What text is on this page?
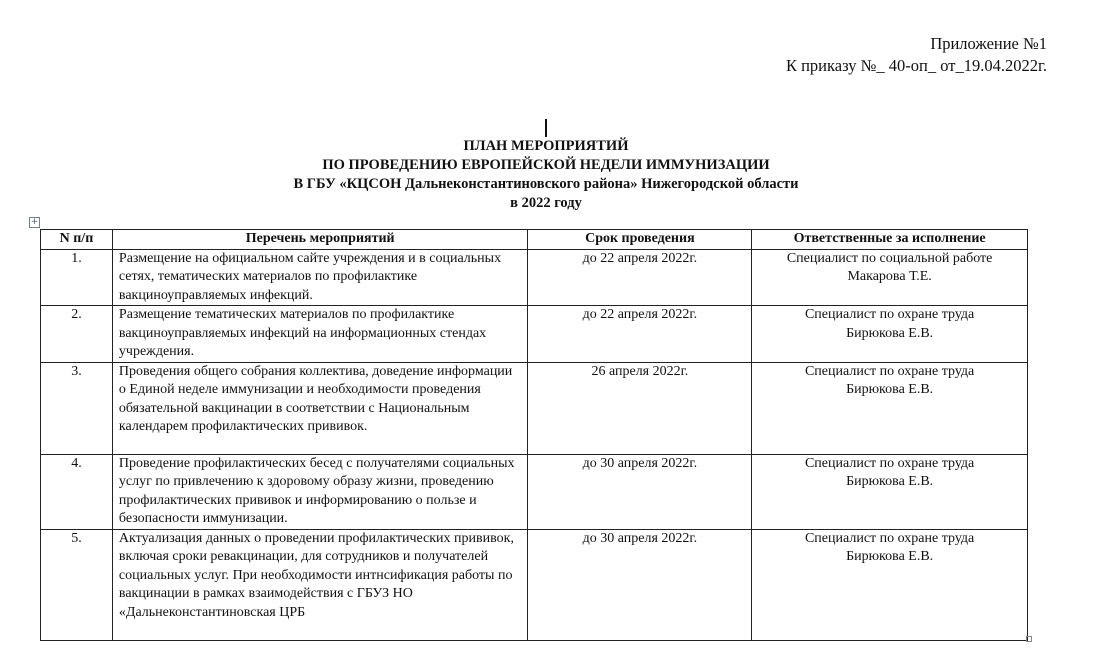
Приложение №1
К приказу №_ 40-оп_ от_19.04.2022г.
ПЛАН МЕРОПРИЯТИЙ
ПО ПРОВЕДЕНИЮ ЕВРОПЕЙСКОЙ НЕДЕЛИ ИММУНИЗАЦИИ
В ГБУ «КЦСОН Дальнеконстантиновского района» Нижегородской области
в 2022 году
+
N п/п	Перечень мероприятий	Срок проведения	Ответственные за исполнение
1.	Размещение на официальном сайте учреждения и в социальных сетях, тематических материалов по профилактике вакциноуправляемых инфекций.	до 22 апреля 2022г.	Специалист по социальной работе
Макарова Т.Е.

2.	Размещение тематических материалов по профилактике вакциноуправляемых инфекций на информационных стендах учреждения.	до 22 апреля 2022г.	Специалист по охране труда
Бирюкова Е.В.

3.	Проведения общего собрания коллектива, доведение информации о Единой неделе иммунизации и необходимости проведения обязательной вакцинации в соответствии с Национальным календарем профилактических прививок.	26 апреля 2022г.	Специалист по охране труда
Бирюкова Е.В.

4.	Проведение профилактических бесед с получателями социальных услуг по привлечению к здоровому образу жизни, проведению профилактических прививок и информированию о пользе и безопасности иммунизации.	до 30 апреля 2022г.	Специалист по охране труда
Бирюкова Е.В.

5.	Актуализация данных о проведении профилактических прививок, включая сроки ревакцинации, для сотрудников и получателей социальных услуг. При необходимости интнсификация работы по вакцинации в рамках взаимодействия с ГБУЗ НО «Дальнеконстантиновская ЦРБ	до 30 апреля 2022г.	Специалист по охране труда
Бирюкова Е.В.
